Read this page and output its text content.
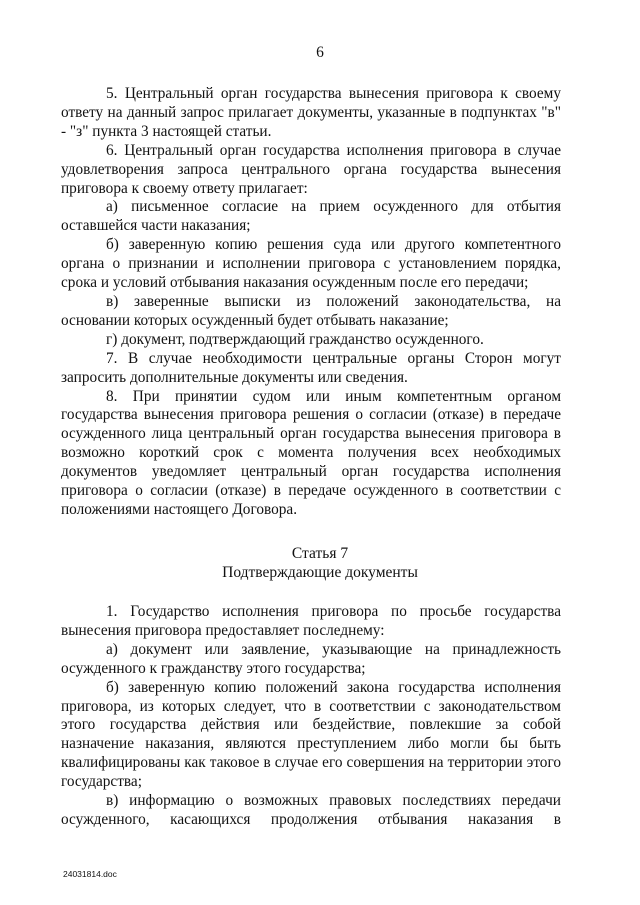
6

5. Центральный орган государства вынесения приговора к своему ответу на данный запрос прилагает документы, указанные в подпунктах "в" - "з" пункта 3 настоящей статьи.

6. Центральный орган государства исполнения приговора в случае удовлетворения запроса центрального органа государства вынесения приговора к своему ответу прилагает:

а) письменное согласие на прием осужденного для отбытия оставшейся части наказания;

б) заверенную копию решения суда или другого компетентного органа о признании и исполнении приговора с установлением порядка, срока и условий отбывания наказания осужденным после его передачи;

в) заверенные выписки из положений законодательства, на основании которых осужденный будет отбывать наказание;

г) документ, подтверждающий гражданство осужденного.

7. В случае необходимости центральные органы Сторон могут запросить дополнительные документы или сведения.

8. При принятии судом или иным компетентным органом государства вынесения приговора решения о согласии (отказе) в передаче осужденного лица центральный орган государства вынесения приговора в возможно короткий срок с момента получения всех необходимых документов уведомляет центральный орган государства исполнения приговора о согласии (отказе) в передаче осужденного в соответствии с положениями настоящего Договора.

Статья 7

Подтверждающие документы

1. Государство исполнения приговора по просьбе государства вынесения приговора предоставляет последнему:

а) документ или заявление, указывающие на принадлежность осужденного к гражданству этого государства;

б) заверенную копию положений закона государства исполнения приговора, из которых следует, что в соответствии с законодательством этого государства действия или бездействие, повлекшие за собой назначение наказания, являются преступлением либо могли бы быть квалифицированы как таковое в случае его совершения на территории этого государства;

в) информацию о возможных правовых последствиях передачи осужденного, касающихся продолжения отбывания наказания в

24031814.doc
